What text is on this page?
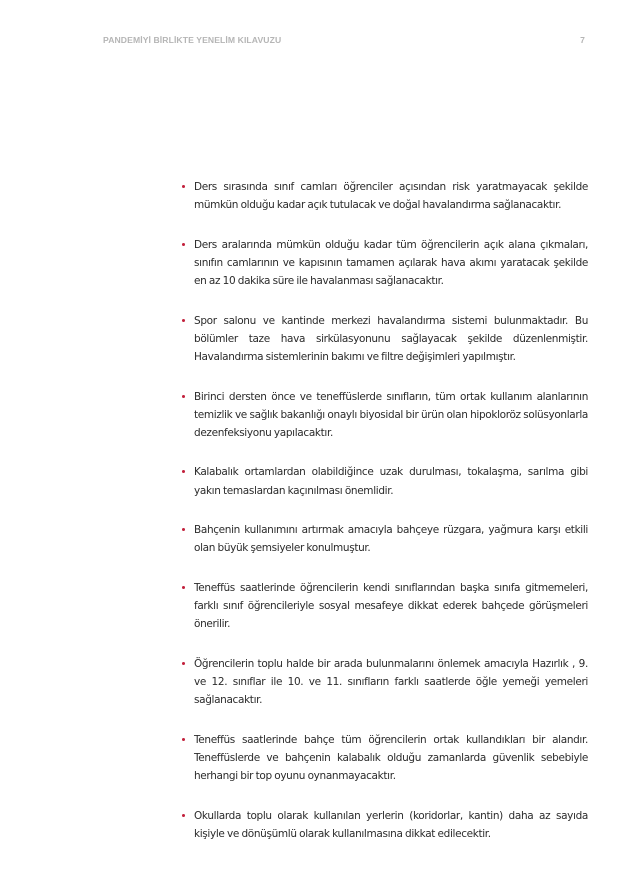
PANDEMİYİ BİRLİKTE YENELİM KILAVUZU	7
Ders sırasında sınıf camları öğrenciler açısından risk yaratmayacak şekilde mümkün olduğu kadar açık tutulacak ve doğal havalandırma sağlanacaktır.
Ders aralarında mümkün olduğu kadar tüm öğrencilerin açık alana çıkmaları, sınıfın camlarının ve kapısının tamamen açılarak hava akımı yaratacak şekilde en az 10 dakika süre ile havalanması sağlanacaktır.
Spor salonu ve kantinde merkezi havalandırma sistemi bulunmaktadır. Bu bölümler taze hava sirkülasyonunu sağlayacak şekilde düzenlenmiştir. Havalandırma sistemlerinin bakımı ve filtre değişimleri yapılmıştır.
Birinci dersten önce ve teneffüslerde sınıfların, tüm ortak kullanım alanlarının temizlik ve sağlık bakanlığı onaylı biyosidal bir ürün olan hipokloröz solüsyonlarla dezenfeksiyonu yapılacaktır.
Kalabalık ortamlardan olabildiğince uzak durulması, tokalaşma, sarılma gibi yakın temaslardan kaçınılması önemlidir.
Bahçenin kullanımını artırmak amacıyla bahçeye rüzgara, yağmura karşı etkili olan büyük şemsiyeler konulmuştur.
Teneffüs saatlerinde öğrencilerin kendi sınıflarından başka sınıfa gitmemeleri, farklı sınıf öğrencileriyle sosyal mesafeye dikkat ederek bahçede görüşmeleri önerilir.
Öğrencilerin toplu halde bir arada bulunmalarını önlemek amacıyla Hazırlık , 9. ve 12. sınıflar ile 10. ve 11. sınıfların farklı saatlerde öğle yemeği yemeleri sağlanacaktır.
Teneffüs saatlerinde bahçe tüm öğrencilerin ortak kullandıkları bir alandır. Teneffüslerde ve bahçenin kalabalık olduğu zamanlarda güvenlik sebebiyle herhangi bir top oyunu oynanmayacaktır.
Okullarda toplu olarak kullanılan yerlerin (koridorlar, kantin) daha az sayıda kişiyle ve dönüşümlü olarak kullanılmasına dikkat edilecektir.
